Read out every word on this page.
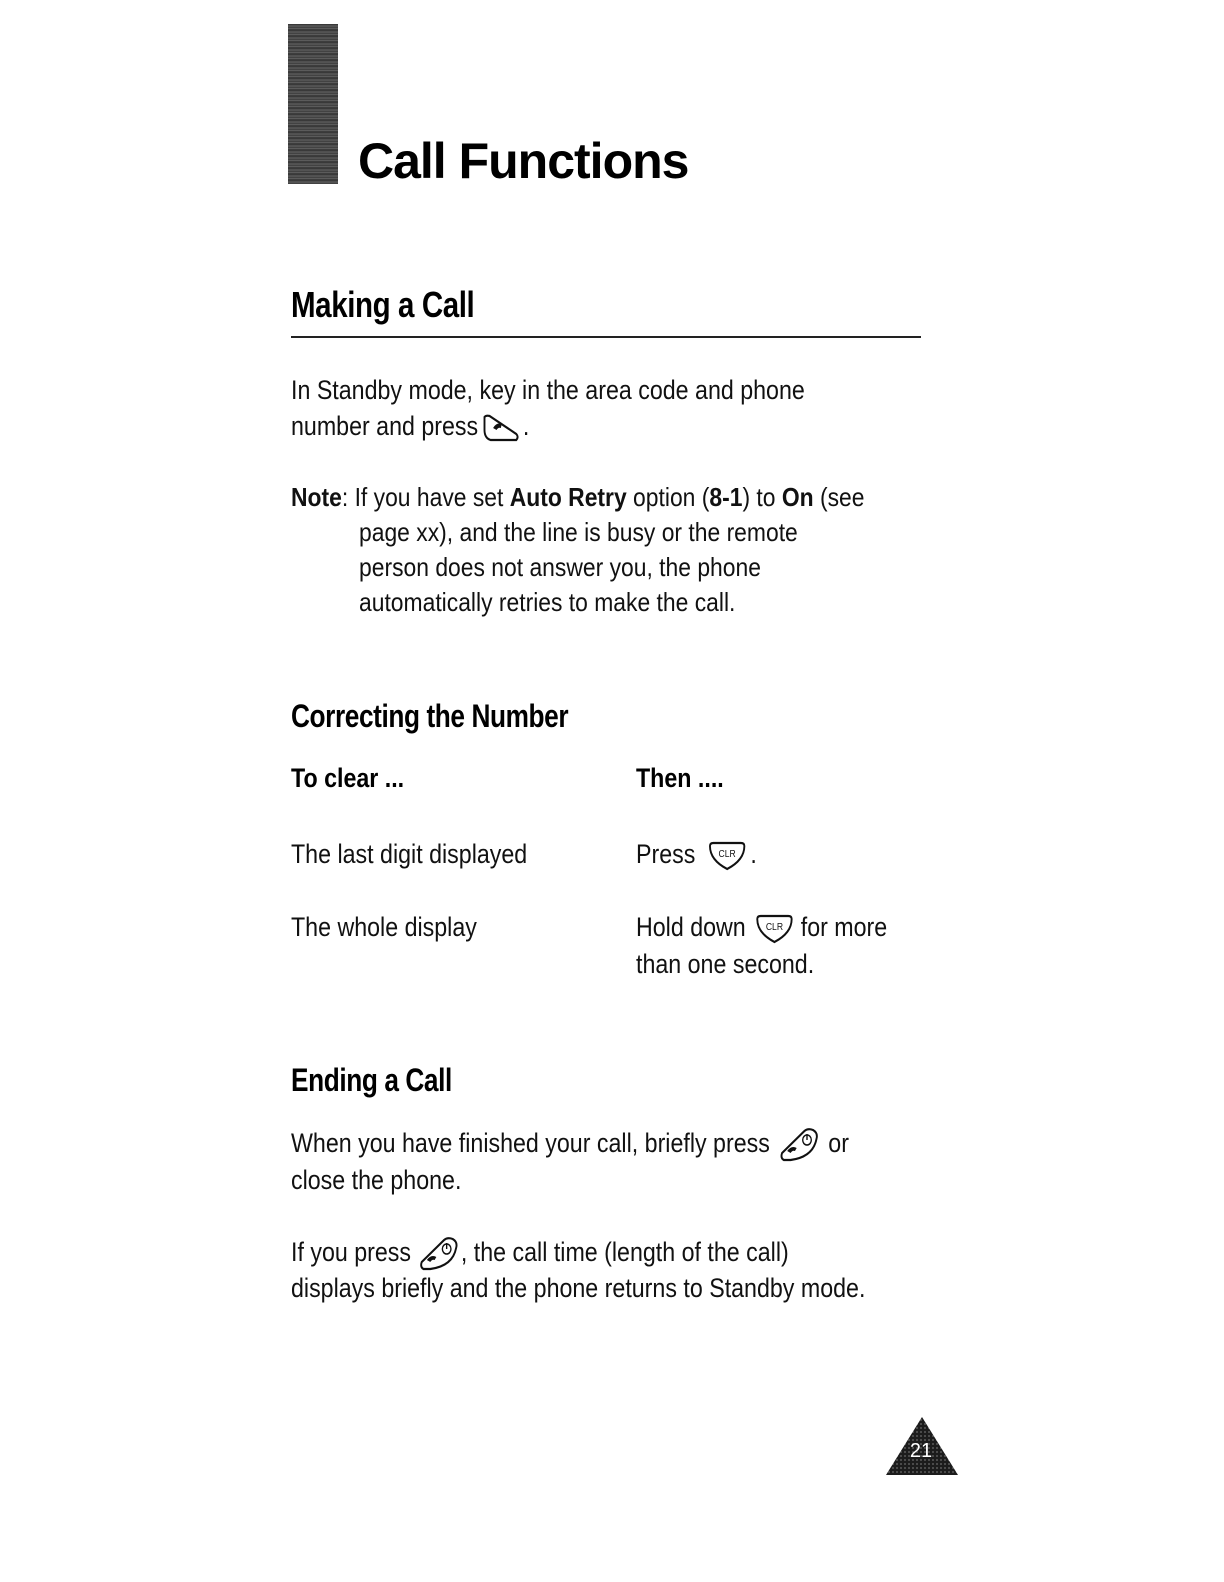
Call Functions
Making a Call

In Standby mode, key in the area code and phone

number and press .

Note: If you have set Auto Retry option (8-1) to On (see

page xx), and the line is busy or the remote

person does not answer you, the phone

automatically retries to make the call.

Correcting the Number

To clear ...	Then ....

The last digit displayed	Press CLR .

The whole display	Hold down CLR for more

than one second.

Ending a Call

When you have finished your call, briefly press or

close the phone.

If you press , the call time (length of the call)

displays briefly and the phone returns to Standby mode.

21
